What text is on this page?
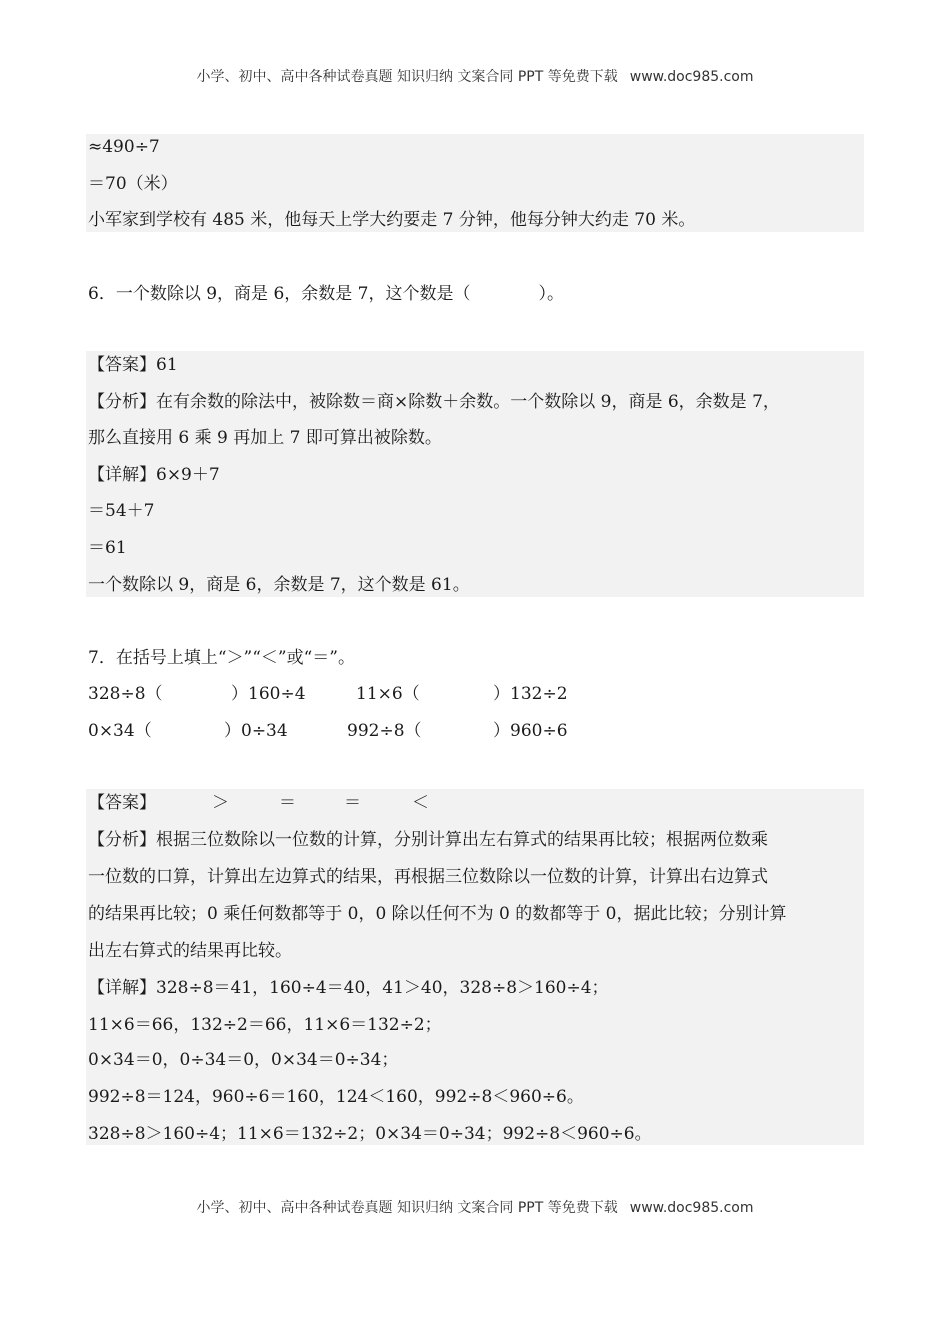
小学、初中、高中各种试卷真题 知识归纳 文案合同 PPT 等免费下载 www.doc985.com
≈490÷7
＝70（米）
小军家到学校有 485 米，他每天上学大约要走 7 分钟，他每分钟大约走 70 米。
6．一个数除以 9，商是 6，余数是 7，这个数是（　　　　）。
【答案】61
【分析】在有余数的除法中，被除数＝商×除数＋余数。一个数除以 9，商是 6，余数是 7，
那么直接用 6 乘 9 再加上 7 即可算出被除数。
【详解】6×9＋7
＝54＋7
＝61
一个数除以 9，商是 6，余数是 7，这个数是 61。
7．在括号上填上“＞”“＜”或“＝”。
328÷8（	）160÷4	11×6（	）132÷2
0×34（	）0÷34	992÷8（	）960÷6
【答案】	＞	＝	＝	＜
【分析】根据三位数除以一位数的计算，分别计算出左右算式的结果再比较；根据两位数乘
一位数的口算，计算出左边算式的结果，再根据三位数除以一位数的计算，计算出右边算式
的结果再比较；0 乘任何数都等于 0，0 除以任何不为 0 的数都等于 0，据此比较；分别计算
出左右算式的结果再比较。
【详解】328÷8＝41，160÷4＝40，41＞40，328÷8＞160÷4；
11×6＝66，132÷2＝66，11×6＝132÷2；
0×34＝0，0÷34＝0，0×34＝0÷34；
992÷8＝124，960÷6＝160，124＜160，992÷8＜960÷6。
328÷8＞160÷4；11×6＝132÷2；0×34＝0÷34；992÷8＜960÷6。
小学、初中、高中各种试卷真题 知识归纳 文案合同 PPT 等免费下载 www.doc985.com
